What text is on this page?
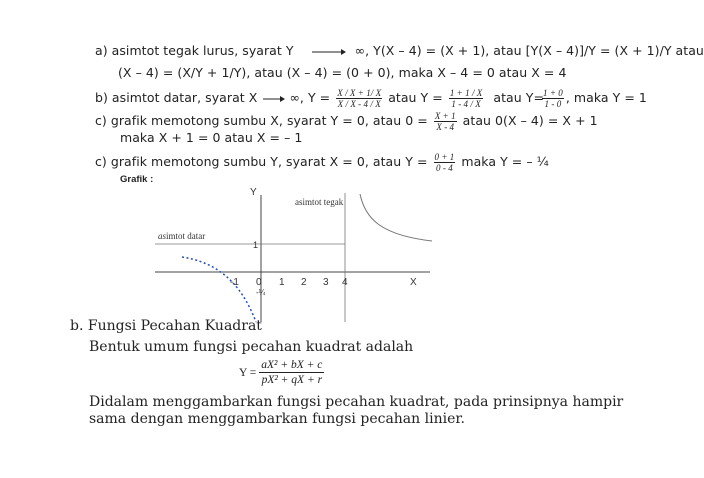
a) asimtot tegak lurus, syarat Y	∞, Y(X – 4) = (X + 1), atau [Y(X – 4)]/Y = (X + 1)/Y atau
(X – 4) = (X/Y + 1/Y), atau (X – 4) = (0 + 0), maka X – 4 = 0 atau X = 4
b) asimtot datar, syarat X	∞, $Y = \frac{X / X + 1/ X}{X / X - 4 / X}$ atau $Y = \frac{1 + 1 / X}{1 - 4 / X}$ atau Y=
$\frac{1 + 0}{1 - 0}$ , maka Y = 1
c) grafik memotong sumbu X, syarat Y = 0, atau $0 = \frac{X + 1}{X - 4}$ atau 0(X – 4) = X + 1
maka X + 1 = 0 atau X = – 1
c) grafik memotong sumbu Y, syarat X = 0, atau $Y = \frac{0 + 1}{0 - 4}$ maka Y = – ¼
Grafik :
Y
X
1
-1 0 1 2 3 4
-¼
asimtot tegak
asimtot datar
b. Fungsi Pecahan Kuadrat
Bentuk umum fungsi pecahan kuadrat adalah
$Y = \frac{\text{aX² + bX + c}}{\text{pX² + qX + r}}$
Didalam menggambarkan fungsi pecahan kuadrat, pada prinsipnya hampir
sama dengan menggambarkan fungsi pecahan linier.
